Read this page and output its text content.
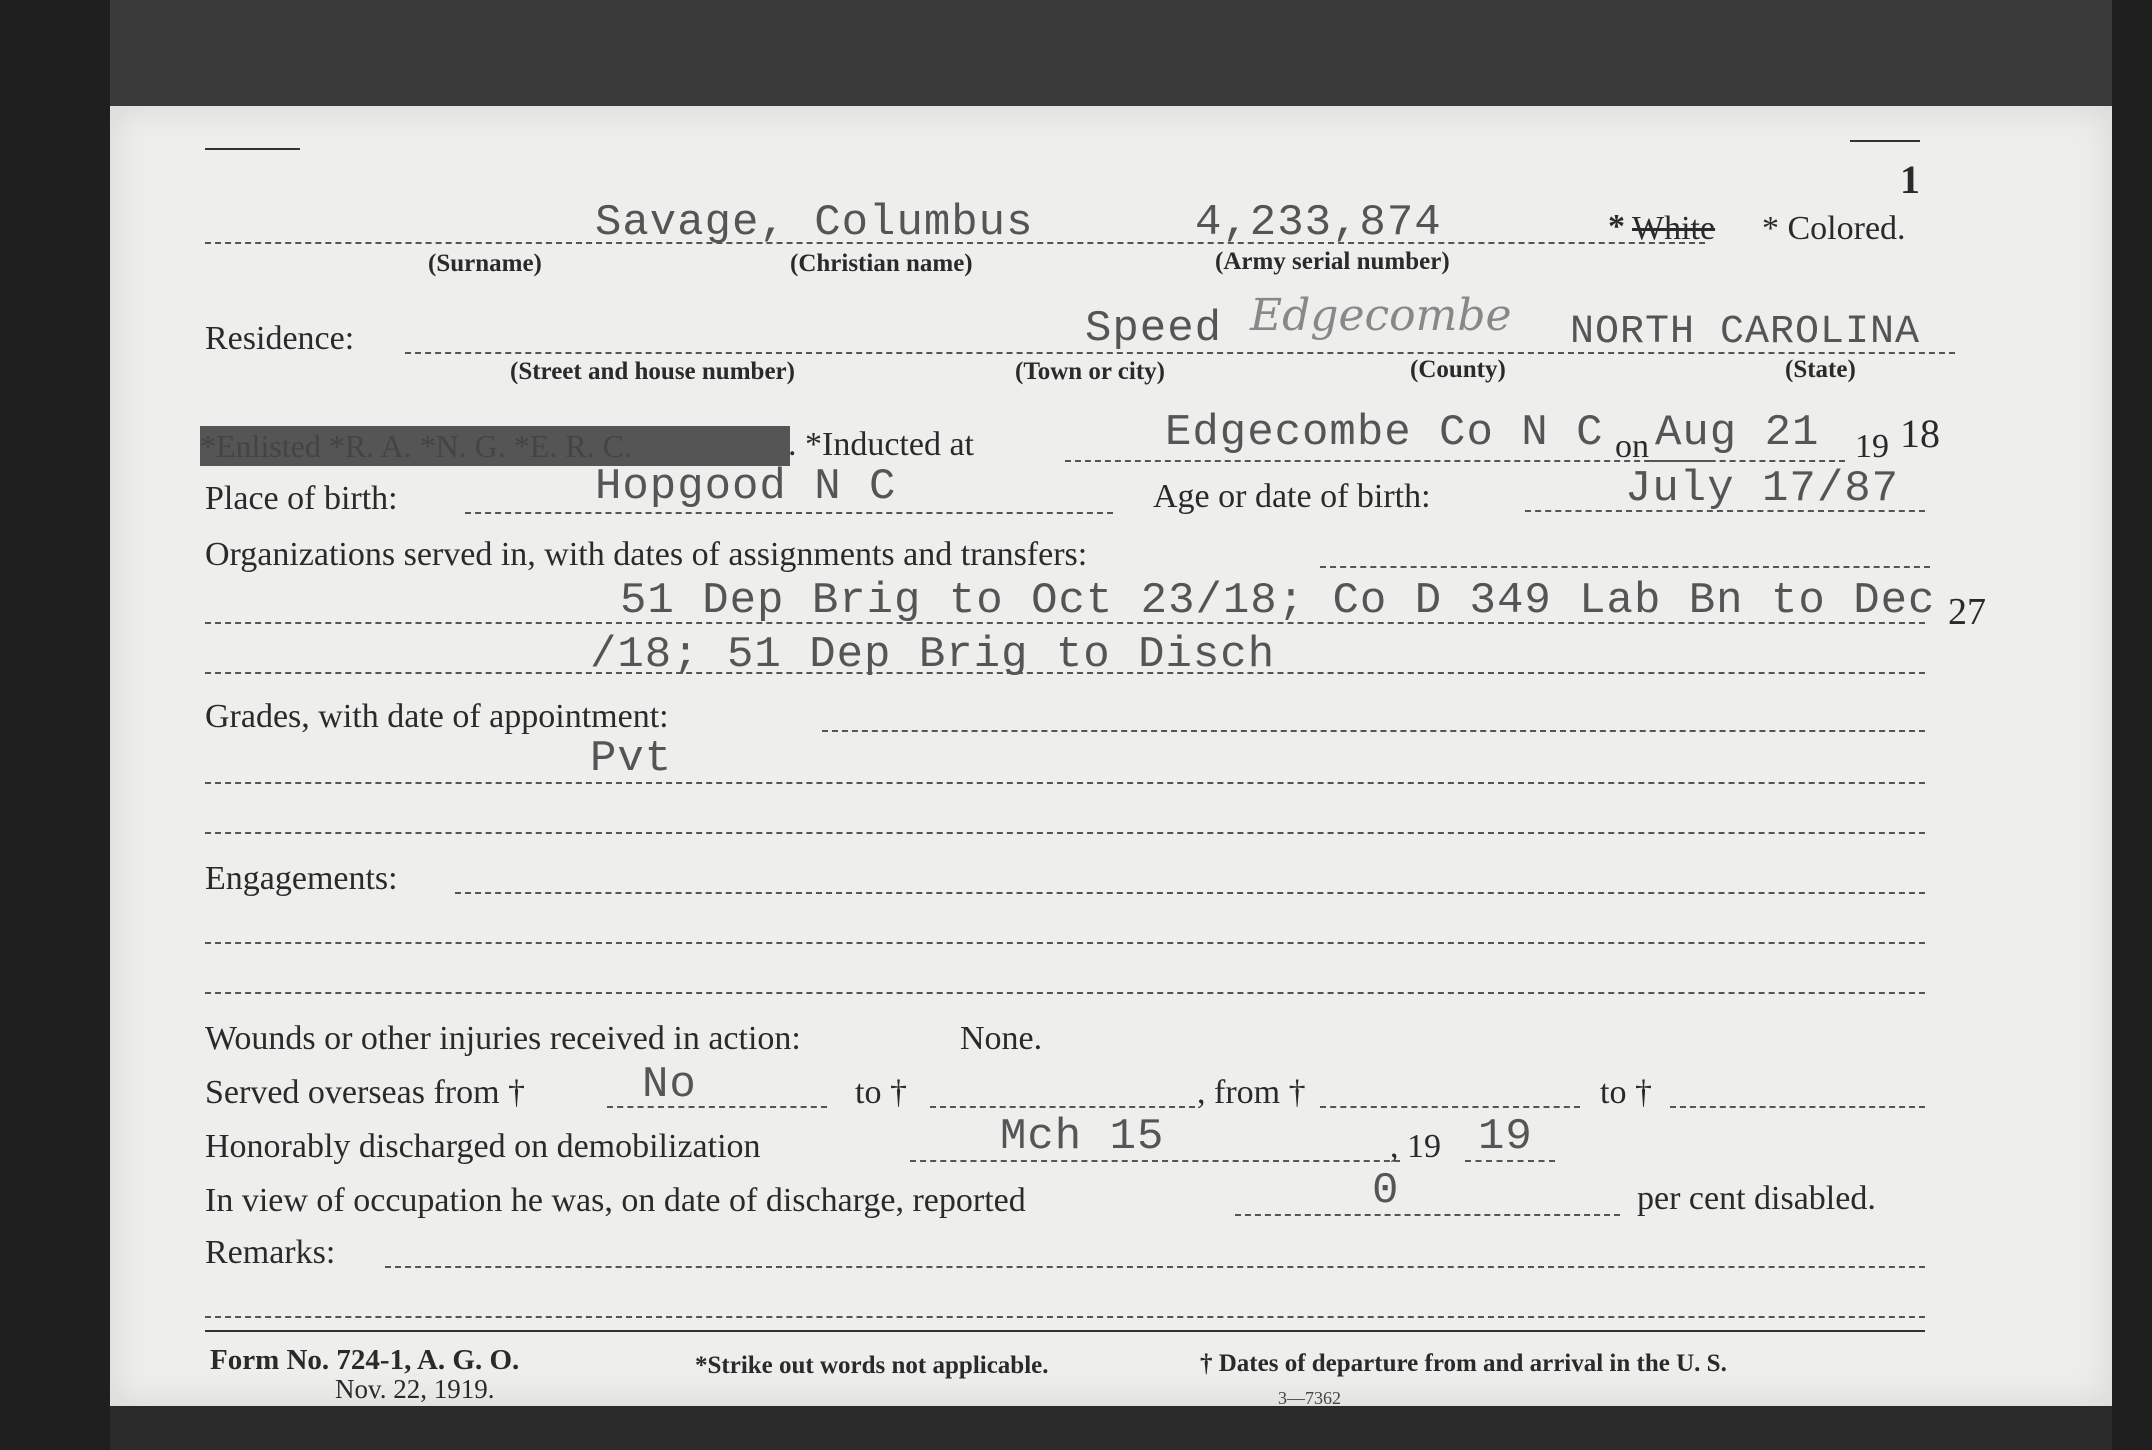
1
Savage, Columbus	4,233,874	* White * Colored.
(Surname)	(Christian name)	(Army serial number)
Residence:	Speed Edgecombe NORTH CAROLINA
(Street and house number)	(Town or city)	(County)	(State)
*Enlisted *R. A. *N. G. *E. R. C.	. *Inducted at	Edgecombe Co N C on Aug 21 19 18
Place of birth:	Hopgood N C	Age or date of birth:	July 17/87
Organizations served in, with dates of assignments and transfers:
51 Dep Brig to Oct 23/18; Co D 349 Lab Bn to Dec 27
/18; 51 Dep Brig to Disch
Grades, with date of appointment:
Pvt
Engagements:
Wounds or other injuries received in action:	None.
Served overseas from †	No	to †	, from †	to †
Honorably discharged on demobilization	Mch 15	, 19 19
In view of occupation he was, on date of discharge, reported	0	per cent disabled.
Remarks:
Form No. 724-1, A. G. O.
Nov. 22, 1919.
*Strike out words not applicable.	† Dates of departure from and arrival in the U. S.
3—7362
